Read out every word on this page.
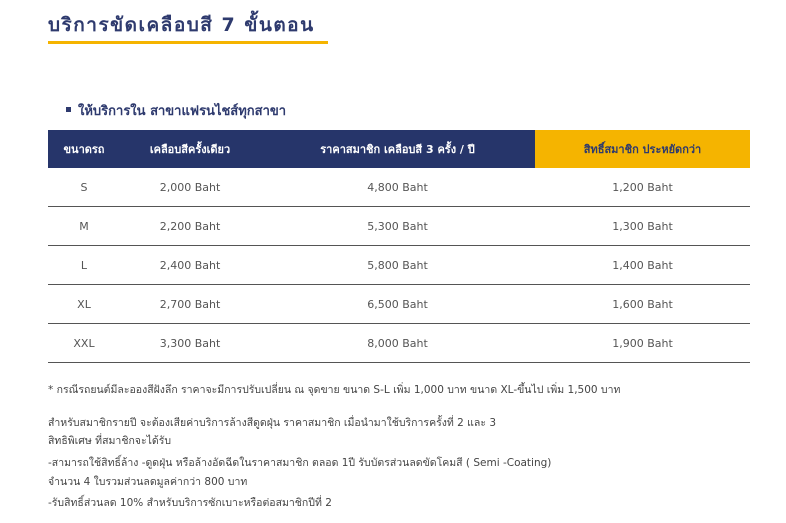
บริการขัดเคลือบสี 7 ขั้นตอน
ให้บริการใน สาขาแฟรนไชส์ทุกสาขา
ขนาดรถ	เคลือบสีครั้งเดียว	ราคาสมาชิก เคลือบสี 3 ครั้ง / ปี	สิทธิ์สมาชิก ประหยัดกว่า
S	2,000 Baht	4,800 Baht	1,200 Baht
M	2,200 Baht	5,300 Baht	1,300 Baht
L	2,400 Baht	5,800 Baht	1,400 Baht
XL	2,700 Baht	6,500 Baht	1,600 Baht
XXL	3,300 Baht	8,000 Baht	1,900 Baht
* กรณีรถยนต์มีละอองสีฝังลึก ราคาจะมีการปรับเปลี่ยน ณ จุดขาย ขนาด S-L เพิ่ม 1,000 บาท ขนาด XL-ขึ้นไป เพิ่ม 1,500 บาท
สำหรับสมาชิกรายปี จะต้องเสียค่าบริการล้างสีดูดฝุ่น ราคาสมาชิก เมื่อนำมาใช้บริการครั้งที่ 2 และ 3
สิทธิพิเศษ ที่สมาชิกจะได้รับ
-สามารถใช้สิทธิ์ล้าง -ดูดฝุ่น หรือล้างอัดฉีดในราคาสมาชิก ตลอด 1ปี รับบัตรส่วนลดขัดโคมสี ( Semi -Coating)
จำนวน 4 ใบรวมส่วนลดมูลค่ากว่า 800 บาท
-รับสิทธิ์ส่วนลด 10% สำหรับบริการซักเบาะหรือต่อสมาชิกปีที่ 2
